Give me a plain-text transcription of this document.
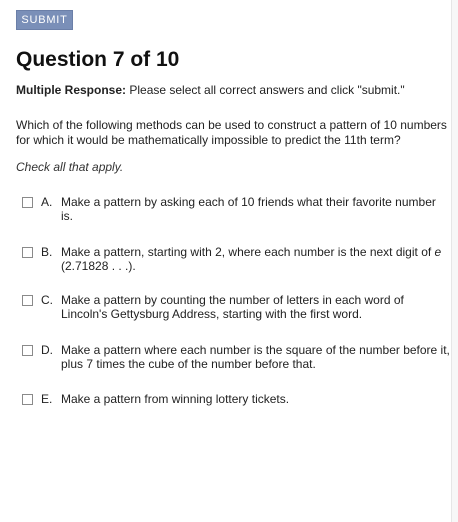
SUBMIT
Question 7 of 10

Multiple Response: Please select all correct answers and click "submit."

Which of the following methods can be used to construct a pattern of 10 numbers for which it would be mathematically impossible to predict the 11th term?

Check all that apply.

A. Make a pattern by asking each of 10 friends what their favorite number is.
B. Make a pattern, starting with 2, where each number is the next digit of e (2.71828 . . .).
C. Make a pattern by counting the number of letters in each word of Lincoln's Gettysburg Address, starting with the first word.
D. Make a pattern where each number is the square of the number before it, plus 7 times the cube of the number before that.
E. Make a pattern from winning lottery tickets.
